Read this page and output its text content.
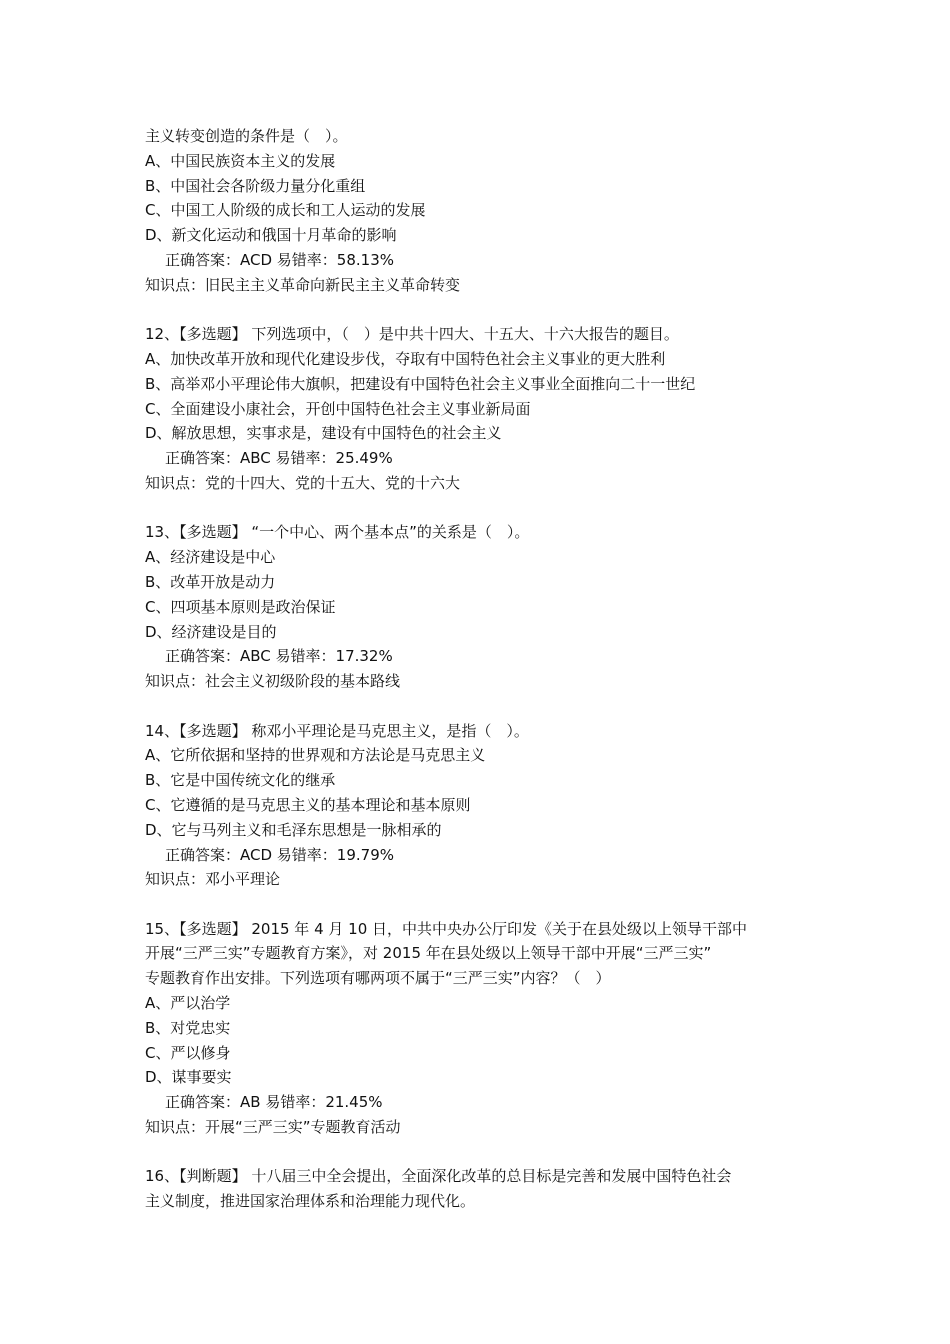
主义转变创造的条件是（　）。

A、中国民族资本主义的发展

B、中国社会各阶级力量分化重组

C、中国工人阶级的成长和工人运动的发展

D、新文化运动和俄国十月革命的影响

正确答案：ACD 易错率：58.13%

知识点：旧民主主义革命向新民主主义革命转变

12、【多选题】 下列选项中，（　）是中共十四大、十五大、十六大报告的题目。

A、加快改革开放和现代化建设步伐，夺取有中国特色社会主义事业的更大胜利

B、高举邓小平理论伟大旗帜，把建设有中国特色社会主义事业全面推向二十一世纪

C、全面建设小康社会，开创中国特色社会主义事业新局面

D、解放思想，实事求是，建设有中国特色的社会主义

正确答案：ABC 易错率：25.49%

知识点：党的十四大、党的十五大、党的十六大

13、【多选题】 “一个中心、两个基本点”的关系是（　）。

A、经济建设是中心

B、改革开放是动力

C、四项基本原则是政治保证

D、经济建设是目的

正确答案：ABC 易错率：17.32%

知识点：社会主义初级阶段的基本路线

14、【多选题】 称邓小平理论是马克思主义，是指（　）。

A、它所依据和坚持的世界观和方法论是马克思主义

B、它是中国传统文化的继承

C、它遵循的是马克思主义的基本理论和基本原则

D、它与马列主义和毛泽东思想是一脉相承的

正确答案：ACD 易错率：19.79%

知识点：邓小平理论

15、【多选题】 2015 年 4 月 10 日，中共中央办公厅印发《关于在县处级以上领导干部中

开展“三严三实”专题教育方案》，对 2015 年在县处级以上领导干部中开展“三严三实”

专题教育作出安排。下列选项有哪两项不属于“三严三实”内容？（　）

A、严以治学

B、对党忠实

C、严以修身

D、谋事要实

正确答案：AB 易错率：21.45%

知识点：开展“三严三实”专题教育活动

16、【判断题】 十八届三中全会提出，全面深化改革的总目标是完善和发展中国特色社会

主义制度，推进国家治理体系和治理能力现代化。
